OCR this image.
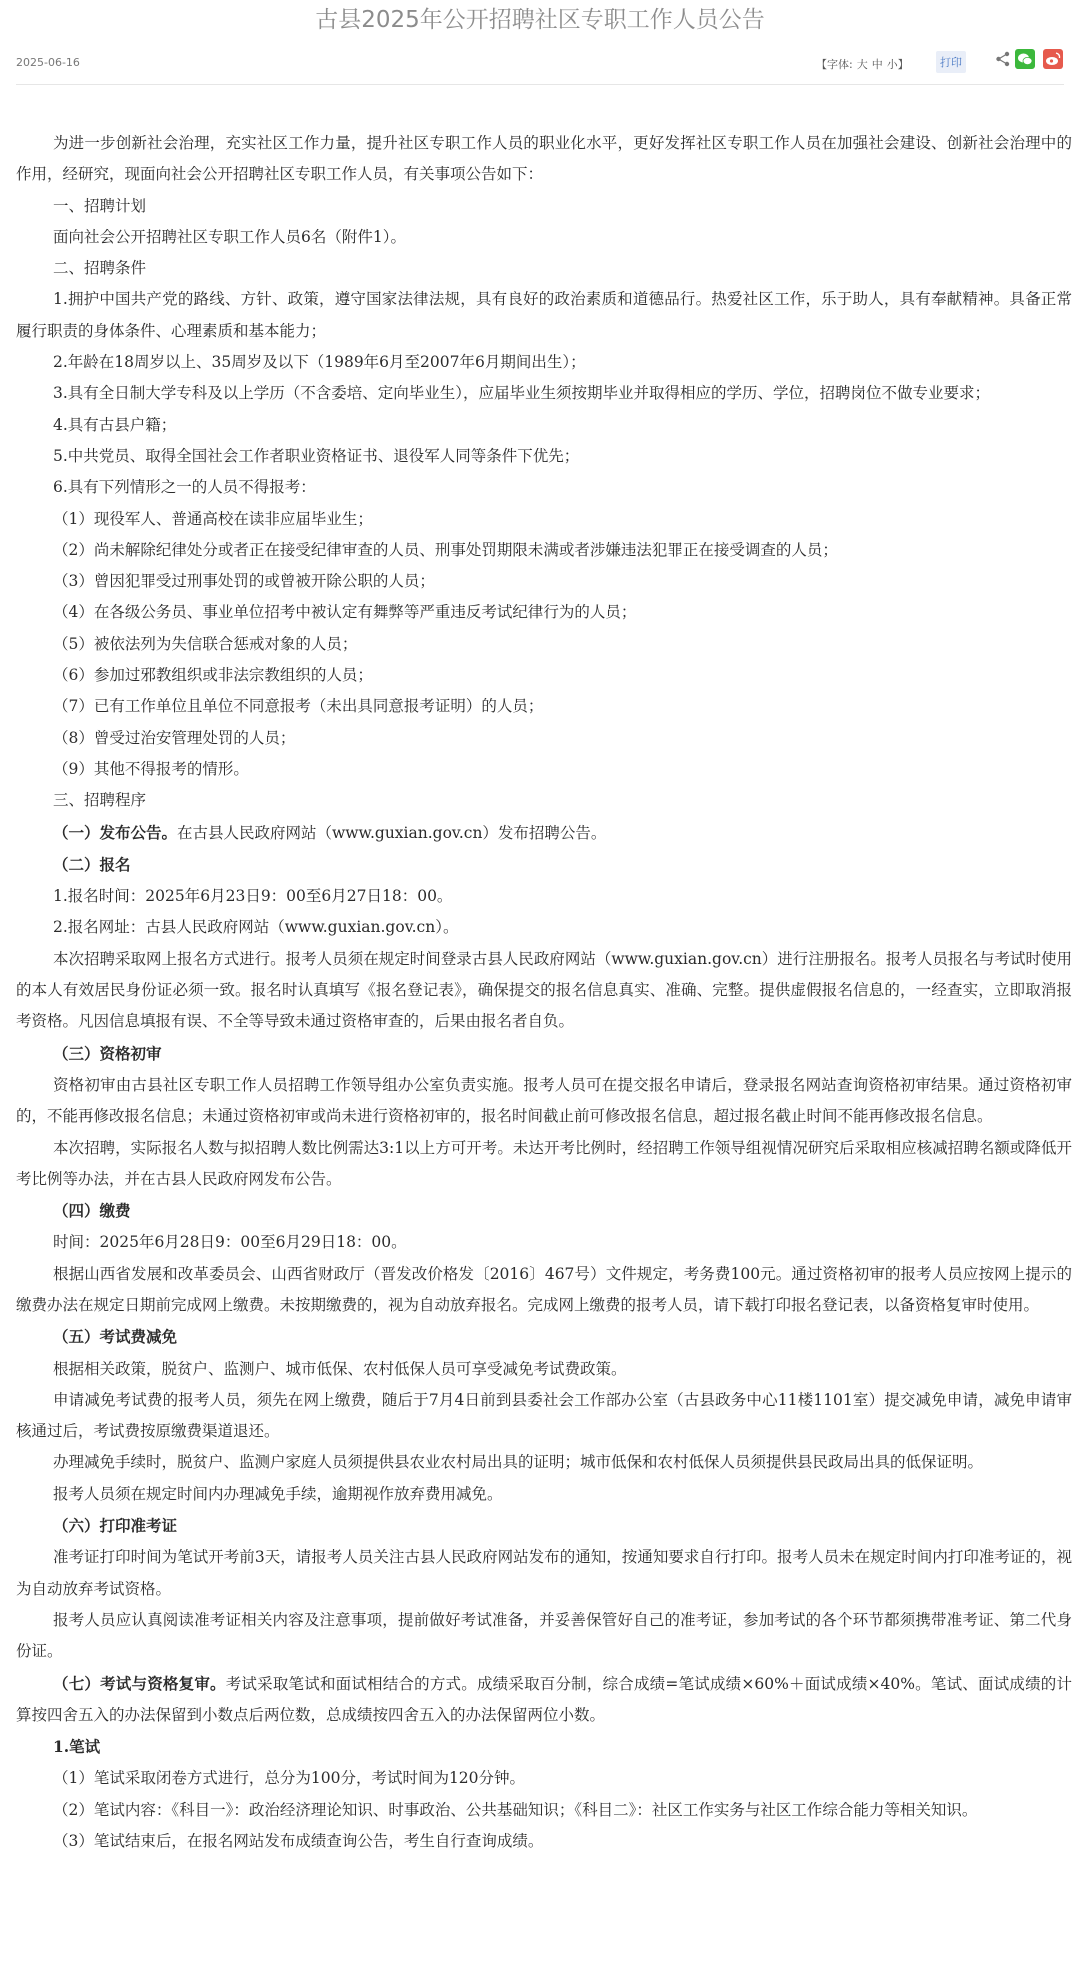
古县2025年公开招聘社区专职工作人员公告
2025-06-16	【字体: 大 中 小】	打印

为进一步创新社会治理，充实社区工作力量，提升社区专职工作人员的职业化水平，更好发挥社区专职工作人员在加强社会建设、创新社会治理中的作用，经研究，现面向社会公开招聘社区专职工作人员，有关事项公告如下：

一、招聘计划

面向社会公开招聘社区专职工作人员6名（附件1）。

二、招聘条件

1.拥护中国共产党的路线、方针、政策，遵守国家法律法规，具有良好的政治素质和道德品行。热爱社区工作，乐于助人，具有奉献精神。具备正常履行职责的身体条件、心理素质和基本能力；

2.年龄在18周岁以上、35周岁及以下（1989年6月至2007年6月期间出生）；

3.具有全日制大学专科及以上学历（不含委培、定向毕业生），应届毕业生须按期毕业并取得相应的学历、学位，招聘岗位不做专业要求；

4.具有古县户籍；

5.中共党员、取得全国社会工作者职业资格证书、退役军人同等条件下优先；

6.具有下列情形之一的人员不得报考：

（1）现役军人、普通高校在读非应届毕业生；

（2）尚未解除纪律处分或者正在接受纪律审查的人员、刑事处罚期限未满或者涉嫌违法犯罪正在接受调查的人员；

（3）曾因犯罪受过刑事处罚的或曾被开除公职的人员；

（4）在各级公务员、事业单位招考中被认定有舞弊等严重违反考试纪律行为的人员；

（5）被依法列为失信联合惩戒对象的人员；

（6）参加过邪教组织或非法宗教组织的人员；

（7）已有工作单位且单位不同意报考（未出具同意报考证明）的人员；

（8）曾受过治安管理处罚的人员；

（9）其他不得报考的情形。

三、招聘程序

（一）发布公告。在古县人民政府网站（www.guxian.gov.cn）发布招聘公告。

（二）报名

1.报名时间：2025年6月23日9：00至6月27日18：00。

2.报名网址：古县人民政府网站（www.guxian.gov.cn）。

本次招聘采取网上报名方式进行。报考人员须在规定时间登录古县人民政府网站（www.guxian.gov.cn）进行注册报名。报考人员报名与考试时使用的本人有效居民身份证必须一致。报名时认真填写《报名登记表》，确保提交的报名信息真实、准确、完整。提供虚假报名信息的，一经查实，立即取消报考资格。凡因信息填报有误、不全等导致未通过资格审查的，后果由报名者自负。

（三）资格初审

资格初审由古县社区专职工作人员招聘工作领导组办公室负责实施。报考人员可在提交报名申请后，登录报名网站查询资格初审结果。通过资格初审的，不能再修改报名信息；未通过资格初审或尚未进行资格初审的，报名时间截止前可修改报名信息，超过报名截止时间不能再修改报名信息。

本次招聘，实际报名人数与拟招聘人数比例需达3:1以上方可开考。未达开考比例时，经招聘工作领导组视情况研究后采取相应核减招聘名额或降低开考比例等办法，并在古县人民政府网发布公告。

（四）缴费

时间：2025年6月28日9：00至6月29日18：00。

根据山西省发展和改革委员会、山西省财政厅（晋发改价格发〔2016〕467号）文件规定，考务费100元。通过资格初审的报考人员应按网上提示的缴费办法在规定日期前完成网上缴费。未按期缴费的，视为自动放弃报名。完成网上缴费的报考人员，请下载打印报名登记表，以备资格复审时使用。

（五）考试费减免

根据相关政策，脱贫户、监测户、城市低保、农村低保人员可享受减免考试费政策。

申请减免考试费的报考人员，须先在网上缴费，随后于7月4日前到县委社会工作部办公室（古县政务中心11楼1101室）提交减免申请，减免申请审核通过后，考试费按原缴费渠道退还。

办理减免手续时，脱贫户、监测户家庭人员须提供县农业农村局出具的证明；城市低保和农村低保人员须提供县民政局出具的低保证明。

报考人员须在规定时间内办理减免手续，逾期视作放弃费用减免。

（六）打印准考证

准考证打印时间为笔试开考前3天，请报考人员关注古县人民政府网站发布的通知，按通知要求自行打印。报考人员未在规定时间内打印准考证的，视为自动放弃考试资格。

报考人员应认真阅读准考证相关内容及注意事项，提前做好考试准备，并妥善保管好自己的准考证，参加考试的各个环节都须携带准考证、第二代身份证。

（七）考试与资格复审。考试采取笔试和面试相结合的方式。成绩采取百分制，综合成绩=笔试成绩×60%＋面试成绩×40%。笔试、面试成绩的计算按四舍五入的办法保留到小数点后两位数，总成绩按四舍五入的办法保留两位小数。

1.笔试

（1）笔试采取闭卷方式进行，总分为100分，考试时间为120分钟。

（2）笔试内容：《科目一》：政治经济理论知识、时事政治、公共基础知识；《科目二》：社区工作实务与社区工作综合能力等相关知识。

（3）笔试结束后，在报名网站发布成绩查询公告，考生自行查询成绩。
